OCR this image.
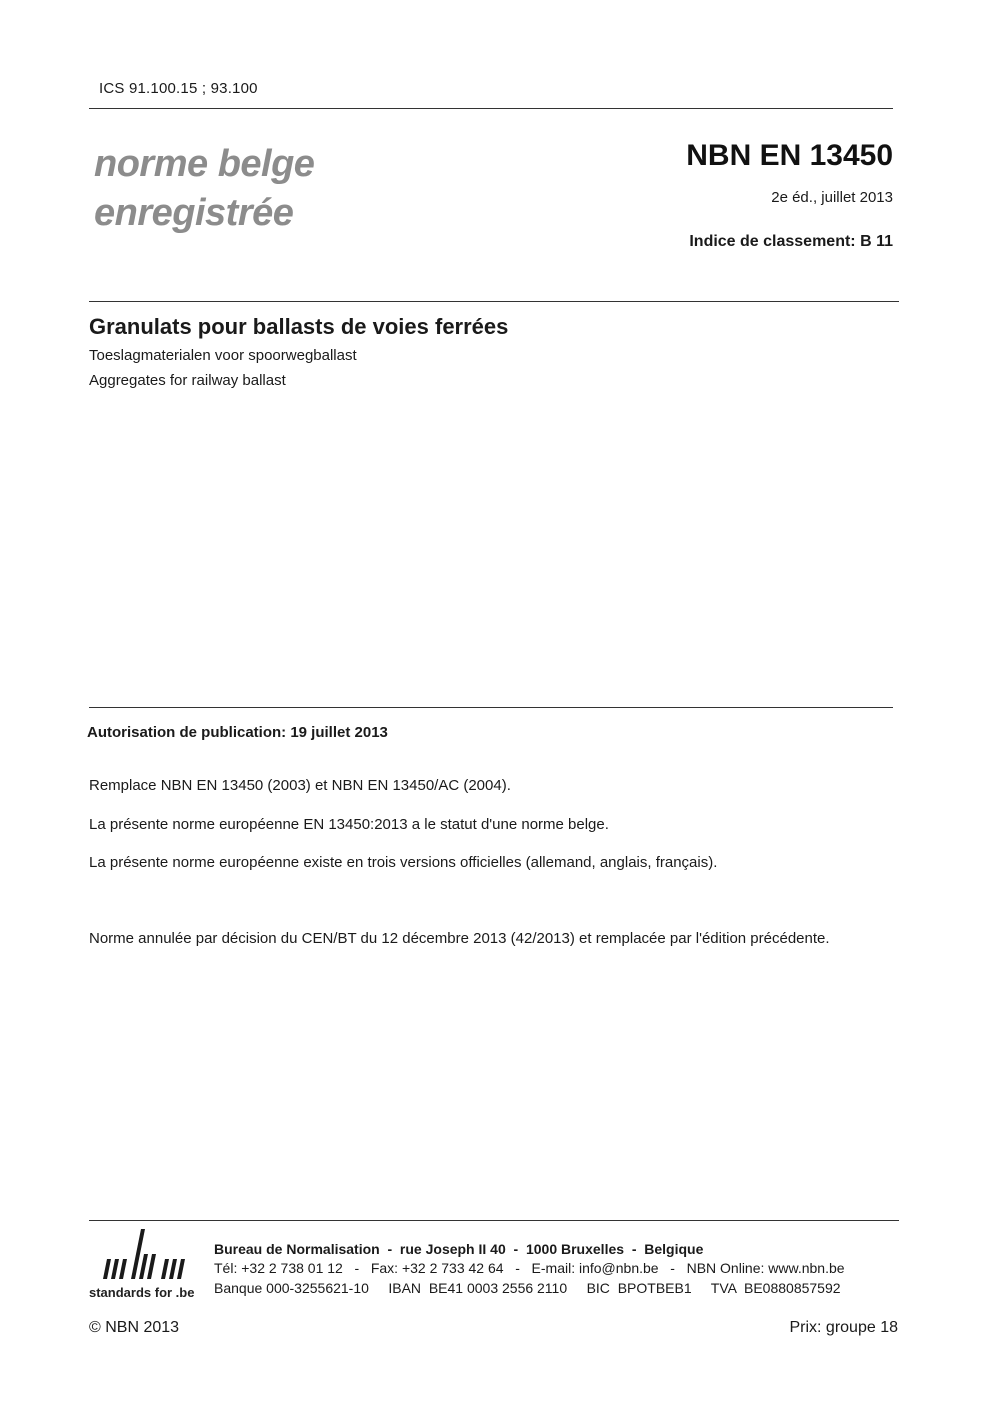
ICS 91.100.15 ; 93.100
norme belge
enregistrée
NBN EN 13450
2e éd., juillet 2013
Indice de classement: B 11
Granulats pour ballasts de voies ferrées
Toeslagmaterialen voor spoorwegballast
Aggregates for railway ballast
Autorisation de publication: 19 juillet 2013
Remplace NBN EN 13450 (2003) et NBN EN 13450/AC (2004).
La présente norme européenne EN 13450:2013 a le statut d'une norme belge.
La présente norme européenne existe en trois versions officielles (allemand, anglais, français).
Norme annulée par décision du CEN/BT du 12 décembre 2013 (42/2013) et remplacée par l'édition précédente.
standards for .be
Bureau de Normalisation  -  rue Joseph II 40  -  1000 Bruxelles  -  Belgique
Tél: +32 2 738 01 12   -   Fax: +32 2 733 42 64   -   E-mail: info@nbn.be   -   NBN Online: www.nbn.be
Banque 000-3255621-10     IBAN  BE41 0003 2556 2110     BIC  BPOTBEB1     TVA  BE0880857592
© NBN 2013	Prix: groupe 18
